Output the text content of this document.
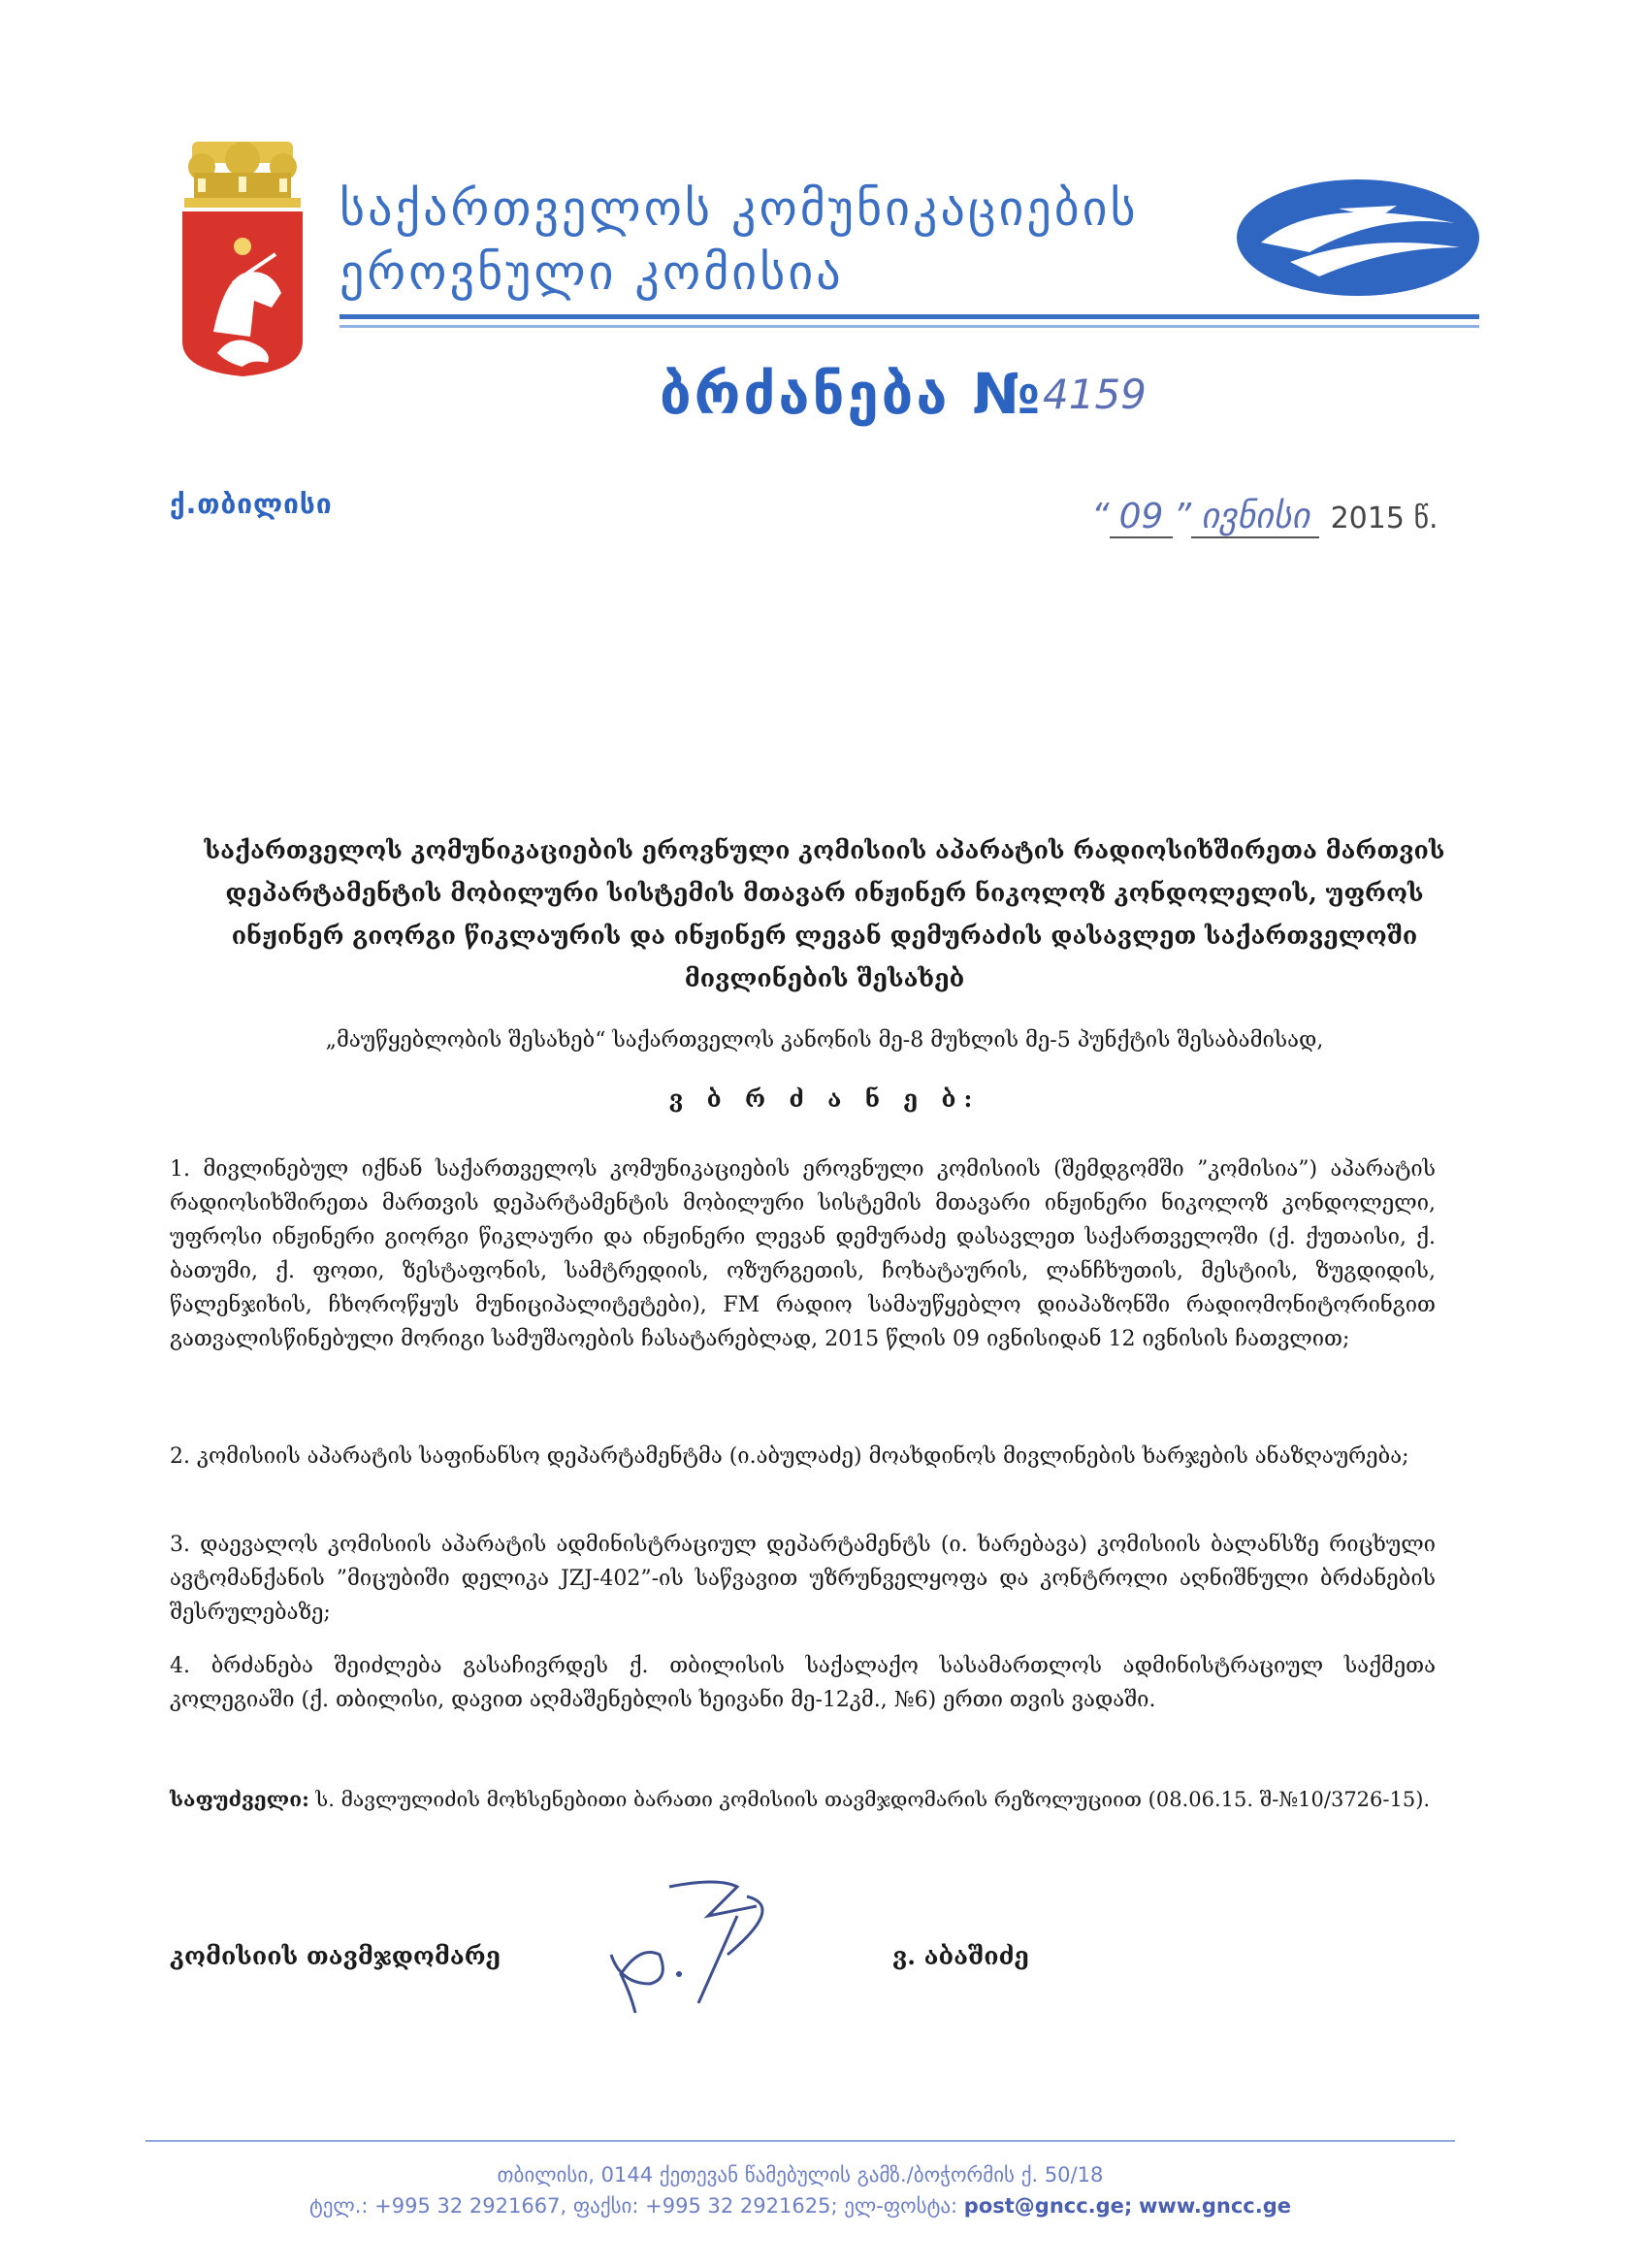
საქართველოს კომუნიკაციების
ეროვნული კომისია
ბრძანება № 4159
ქ.თბილისი	“ 09 ” ივნისი 2015 წ.
საქართველოს კომუნიკაციების ეროვნული კომისიის აპარატის რადიოსიხშირეთა მართვის დეპარტამენტის მობილური სისტემის მთავარ ინჟინერ ნიკოლოზ კონდოლელის, უფროს ინჟინერ გიორგი წიკლაურის და ინჟინერ ლევან დემურაძის დასავლეთ საქართველოში მივლინების შესახებ
„მაუწყებლობის შესახებ“ საქართველოს კანონის მე-8 მუხლის მე-5 პუნქტის შესაბამისად,
ვ ბ რ ძ ა ნ ე ბ:
1. მივლინებულ იქნან საქართველოს კომუნიკაციების ეროვნული კომისიის (შემდგომში ”კომისია”) აპარატის რადიოსიხშირეთა მართვის დეპარტამენტის მობილური სისტემის მთავარი ინჟინერი ნიკოლოზ კონდოლელი, უფროსი ინჟინერი გიორგი წიკლაური და ინჟინერი ლევან დემურაძე დასავლეთ საქართველოში (ქ. ქუთაისი, ქ. ბათუმი, ქ. ფოთი, ზესტაფონის, სამტრედიის, ოზურგეთის, ჩოხატაურის, ლანჩხუთის, მესტიის, ზუგდიდის, წალენჯიხის, ჩხოროწყუს მუნიციპალიტეტები), FM რადიო სამაუწყებლო დიაპაზონში რადიომონიტორინგით გათვალისწინებული მორიგი სამუშაოების ჩასატარებლად, 2015 წლის 09 ივნისიდან 12 ივნისის ჩათვლით;
2. კომისიის აპარატის საფინანსო დეპარტამენტმა (ი.აბულაძე) მოახდინოს მივლინების ხარჯების ანაზღაურება;
3. დაევალოს კომისიის აპარატის ადმინისტრაციულ დეპარტამენტს (ი. ხარებავა) კომისიის ბალანსზე რიცხული ავტომანქანის ”მიცუბიში დელიკა JZJ-402”-ის საწვავით უზრუნველყოფა და კონტროლი აღნიშნული ბრძანების შესრულებაზე;
4. ბრძანება შეიძლება გასაჩივრდეს ქ. თბილისის საქალაქო სასამართლოს ადმინისტრაციულ საქმეთა კოლეგიაში (ქ. თბილისი, დავით აღმაშენებლის ხეივანი მე-12კმ., №6) ერთი თვის ვადაში.
საფუძველი: ს. მავლულიძის მოხსენებითი ბარათი კომისიის თავმჯდომარის რეზოლუციით (08.06.15. შ-№10/3726-15).
კომისიის თავმჯდომარე	ვ. აბაშიძე
თბილისი, 0144 ქეთევან წამებულის გამზ./ბოჭორმის ქ. 50/18
ტელ.: +995 32 2921667, ფაქსი: +995 32 2921625; ელ-ფოსტა: post@gncc.ge; www.gncc.ge
